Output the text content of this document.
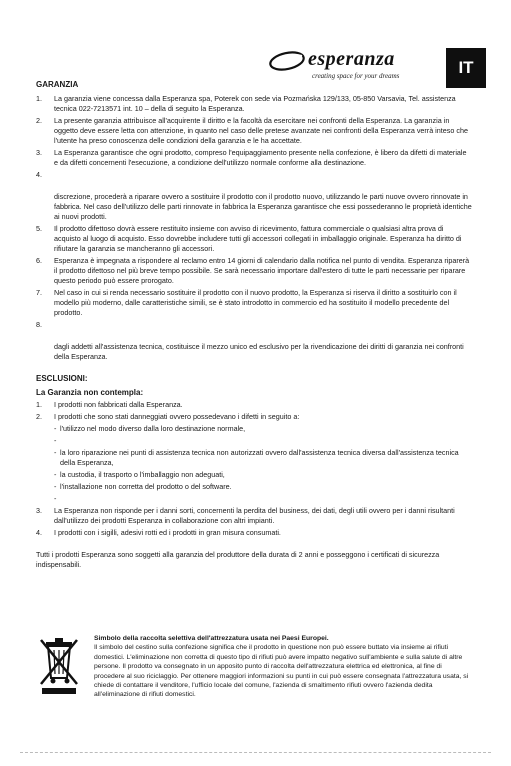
esperanza
creating space for your dreams	IT
GARANZIA
1. La garanzia viene concessa dalla Esperanza spa, Poterek con sede via Pozmańska 129/133, 05-850 Varsavia, Tel. assistenza tecnica 022-7213571 int. 10 – della di seguito la Esperanza.
2. La presente garanzia attribuisce all'acquirente il diritto e la facoltà da esercitare nei confronti della Esperanza. La garanzia in oggetto deve essere letta con attenzione, in quanto nel caso delle pretese avanzate nei confronti della Esperanza verrà inteso che l'utente ha preso conoscenza delle condizioni della garanzia e le ha accettate.
3. La Esperanza garantisce che ogni prodotto, compreso l'equipaggiamento presente nella confezione, è libero da difetti di materiale e da difetti concernenti l'esecuzione, a condizione dell'utilizzo normale conforme alla destinazione.
4.
discrezione, procederà a riparare ovvero a sostituire il prodotto con il prodotto nuovo, utilizzando le parti nuove ovvero rinnovate in fabbrica. Nel caso dell'utilizzo delle parti rinnovate in fabbrica la Esperanza garantisce che essi possederanno le proprietà identiche ai nuovi prodotti.
5. Il prodotto difettoso dovrà essere restituito insieme con avviso di ricevimento, fattura commerciale o qualsiasi altra prova di acquisto al luogo di acquisto. Esso dovrebbe includere tutti gli accessori collegati in imballaggio originale. Esperanza ha diritto di rifiutare la garanzia se mancheranno gli accessori.
6. Esperanza è impegnata a rispondere al reclamo entro 14 giorni di calendario dalla notifica nel punto di vendita. Esperanza riparerà il prodotto difettoso nel più breve tempo possibile. Se sarà necessario importare dall'estero di tutte le parti necessarie per riparare questo periodo può essere prorogato.
7. Nel caso in cui si renda necessario sostituire il prodotto con il nuovo prodotto, la Esperanza si riserva il diritto a sostituirlo con il modello più moderno, dalle caratteristiche simili, se è stato introdotto in commercio ed ha sostituito il modello precedente del prodotto.
8.
dagli addetti all'assistenza tecnica, costituisce il mezzo unico ed esclusivo per la rivendicazione dei diritti di garanzia nei confronti della Esperanza.
ESCLUSIONI:
La Garanzia non contempla:
1. I prodotti non fabbricati dalla Esperanza.
2. I prodotti che sono stati danneggiati ovvero possedevano i difetti in seguito a:
- l'utilizzo nel modo diverso dalla loro destinazione normale,
-
- la loro riparazione nei punti di assistenza tecnica non autorizzati ovvero dall'assistenza tecnica diversa dall'assistenza tecnica della Esperanza,
- la custodia, il trasporto o l'imballaggio non adeguati,
- l'installazione non corretta del prodotto o del software.
-
3. La Esperanza non risponde per i danni sorti, concernenti la perdita del business, dei dati, degli utili ovvero per i danni risultanti dall'utilizzo dei prodotti Esperanza in collaborazione con altri impianti.
4. I prodotti con i sigilli, adesivi rotti ed i prodotti in gran misura consumati.
Tutti i prodotti Esperanza sono soggetti alla garanzia del produttore della durata di 2 anni e posseggono i certificati di sicurezza indispensabili.
Simbolo della raccolta selettiva dell'attrezzatura usata nei Paesi Europei.
Il simbolo del cestino sulla confezione significa che il prodotto in questione non può essere buttato via insieme ai rifiuti domestici. L'eliminazione non corretta di questo tipo di rifiuti può avere impatto negativo sull'ambiente e sulla salute di altre persone. Il prodotto va consegnato in un apposito punto di raccolta dell'attrezzatura elettrica ed elettronica, al fine di procedere al suo riciclaggio. Per ottenere maggiori informazioni su punti in cui può essere consegnata l'attrezzatura usata, si chiede di contattare il venditore, l'ufficio locale del comune, l'azienda di smaltimento rifiuti ovvero l'azienda dedita all'eliminazione di rifiuti domestici.
